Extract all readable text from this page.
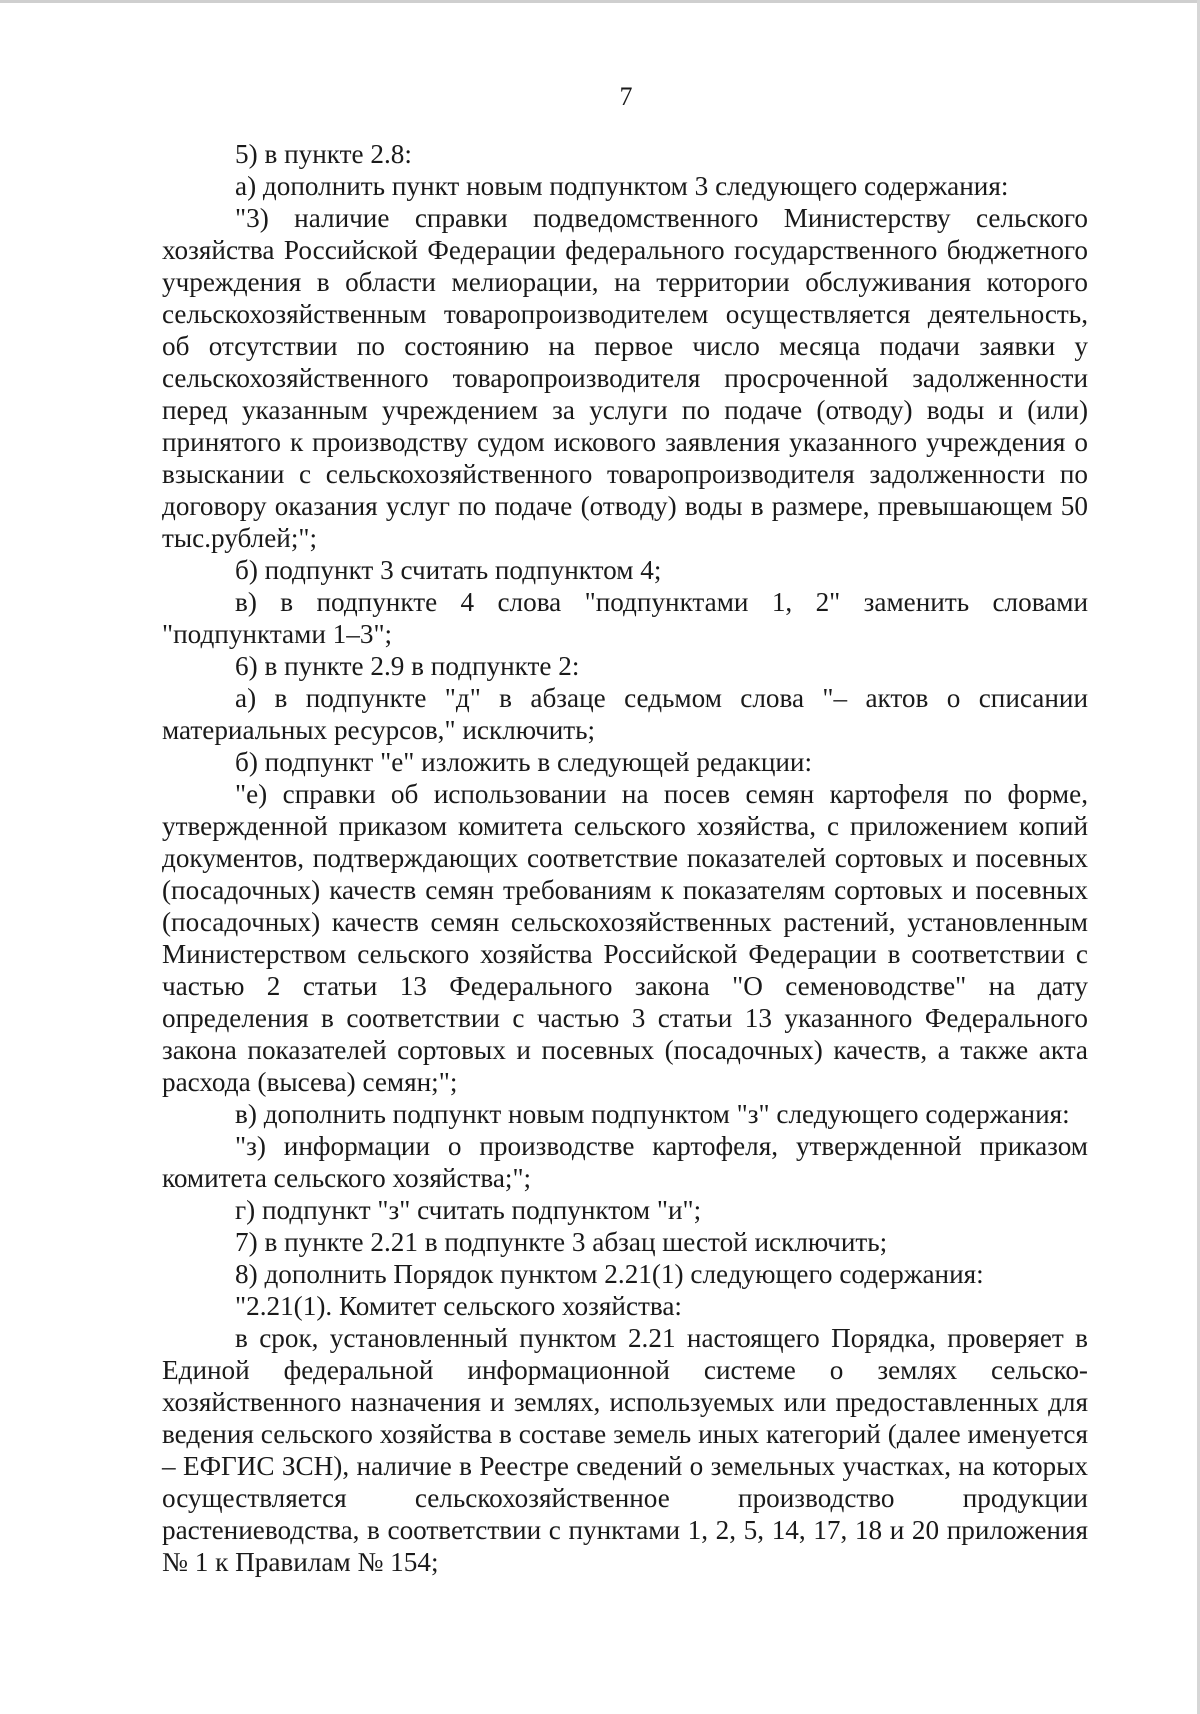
7

5) в пункте 2.8:

а) дополнить пункт новым подпунктом 3 следующего содержания:

"3) наличие справки подведомственного Министерству сельского хозяйства Российской Федерации федерального государственного бюджетного учреждения в области мелиорации, на территории обслуживания которого сельскохозяйственным товаропроизводителем осуществляется деятельность, об отсутствии по состоянию на первое число месяца подачи заявки у сельскохозяйственного товаропроизводителя просроченной задолженности перед указанным учреждением за услуги по подаче (отводу) воды и (или) принятого к производству судом искового заявления указанного учреждения о взыскании с сельскохозяйственного товаропроизводителя задолженности по договору оказания услуг по подаче (отводу) воды в размере, превышающем 50 тыс.рублей;";

б) подпункт 3 считать подпунктом 4;

в) в подпункте 4 слова "подпунктами 1, 2" заменить словами "подпунктами 1–3";

6) в пункте 2.9 в подпункте 2:

а) в подпункте "д" в абзаце седьмом слова "– актов о списании материальных ресурсов," исключить;

б) подпункт "е" изложить в следующей редакции:

"е) справки об использовании на посев семян картофеля по форме, утвержденной приказом комитета сельского хозяйства, с приложением копий документов, подтверждающих соответствие показателей сортовых и посевных (посадочных) качеств семян требованиям к показателям сортовых и посевных (посадочных) качеств семян сельскохозяйственных растений, установленным Министерством сельского хозяйства Российской Федерации в соответствии с частью 2 статьи 13 Федерального закона "О семеноводстве" на дату определения в соответствии с частью 3 статьи 13 указанного Федерального закона показателей сортовых и посевных (посадочных) качеств, а также акта расхода (высева) семян;";

в) дополнить подпункт новым подпунктом "з" следующего содержания:

"з) информации о производстве картофеля, утвержденной приказом комитета сельского хозяйства;";

г) подпункт "з" считать подпунктом "и";

7) в пункте 2.21 в подпункте 3 абзац шестой исключить;

8) дополнить Порядок пунктом 2.21(1) следующего содержания:

"2.21(1). Комитет сельского хозяйства:

в срок, установленный пунктом 2.21 настоящего Порядка, проверяет в Единой федеральной информационной системе о землях сельско-хозяйственного назначения и землях, используемых или предоставленных для ведения сельского хозяйства в составе земель иных категорий (далее именуется – ЕФГИС ЗСН), наличие в Реестре сведений о земельных участках, на которых осуществляется сельскохозяйственное производство продукции растениеводства, в соответствии с пунктами 1, 2, 5, 14, 17, 18 и 20 приложения № 1 к Правилам № 154;
